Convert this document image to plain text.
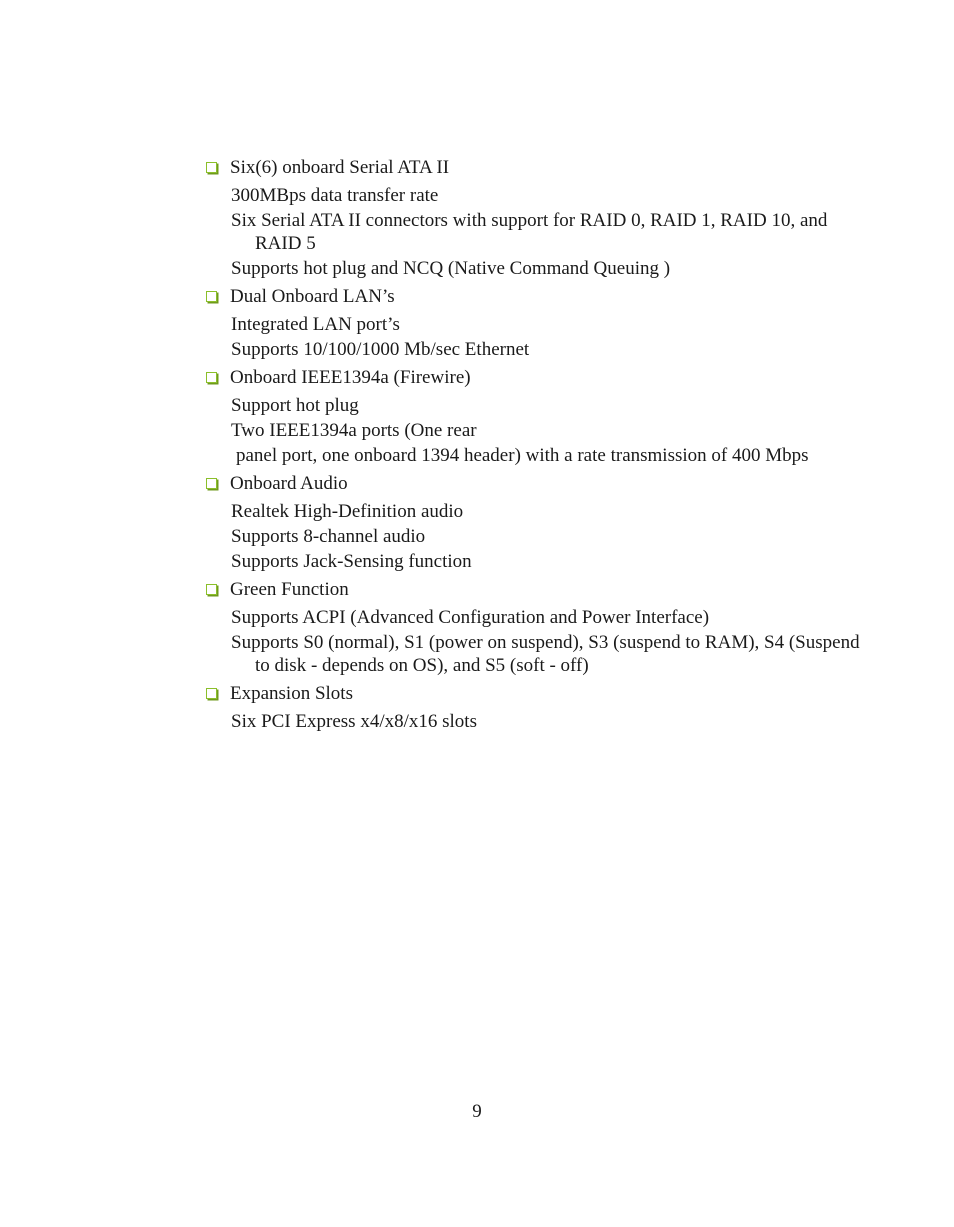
Six(6) onboard Serial ATA II
300MBps data transfer rate
Six Serial ATA II connectors with support for RAID 0, RAID 1, RAID 10, and RAID 5
Supports hot plug and NCQ (Native Command Queuing )
Dual Onboard LAN’s
Integrated LAN port’s
Supports 10/100/1000 Mb/sec Ethernet
Onboard IEEE1394a (Firewire)
Support hot plug
Two IEEE1394a ports (One rear
panel port, one onboard 1394 header) with a rate transmission of 400 Mbps
Onboard Audio
Realtek High-Definition audio
Supports 8-channel audio
Supports Jack-Sensing function
Green Function
Supports ACPI (Advanced Configuration and Power Interface)
Supports S0 (normal), S1 (power on suspend), S3 (suspend to RAM), S4 (Suspend to disk - depends on OS), and S5 (soft - off)
Expansion Slots
Six PCI Express x4/x8/x16 slots
9
